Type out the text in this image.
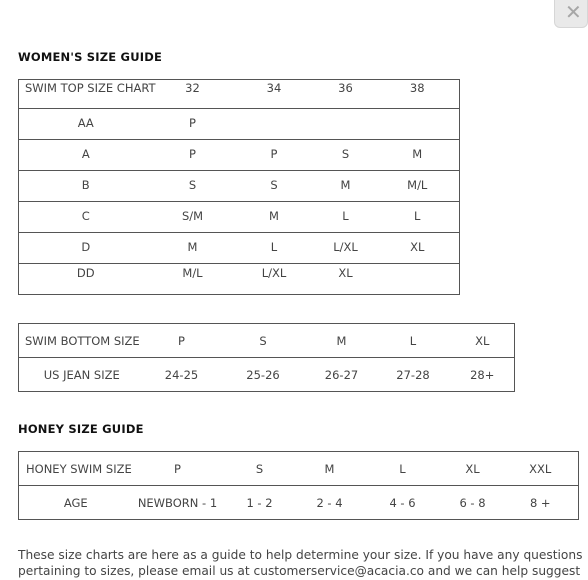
✕
WOMEN'S SIZE GUIDE
SWIM TOP SIZE CHART	32	34	36	38
AA	P			
A	P	P	S	M
B	S	S	M	M/L
C	S/M	M	L	L
D	M	L	L/XL	XL
DD	M/L	L/XL	XL	
SWIM BOTTOM SIZE	P	S	M	L	XL
US JEAN SIZE	24-25	25-26	26-27	27-28	28+
HONEY SIZE GUIDE
HONEY SWIM SIZE	P	S	M	L	XL	XXL
AGE	NEWBORN - 1	1 - 2	2 - 4	4 - 6	6 - 8	8 +
These size charts are here as a guide to help determine your size. If you have any questions
pertaining to sizes, please email us at customerservice@acacia.co and we can help suggest
